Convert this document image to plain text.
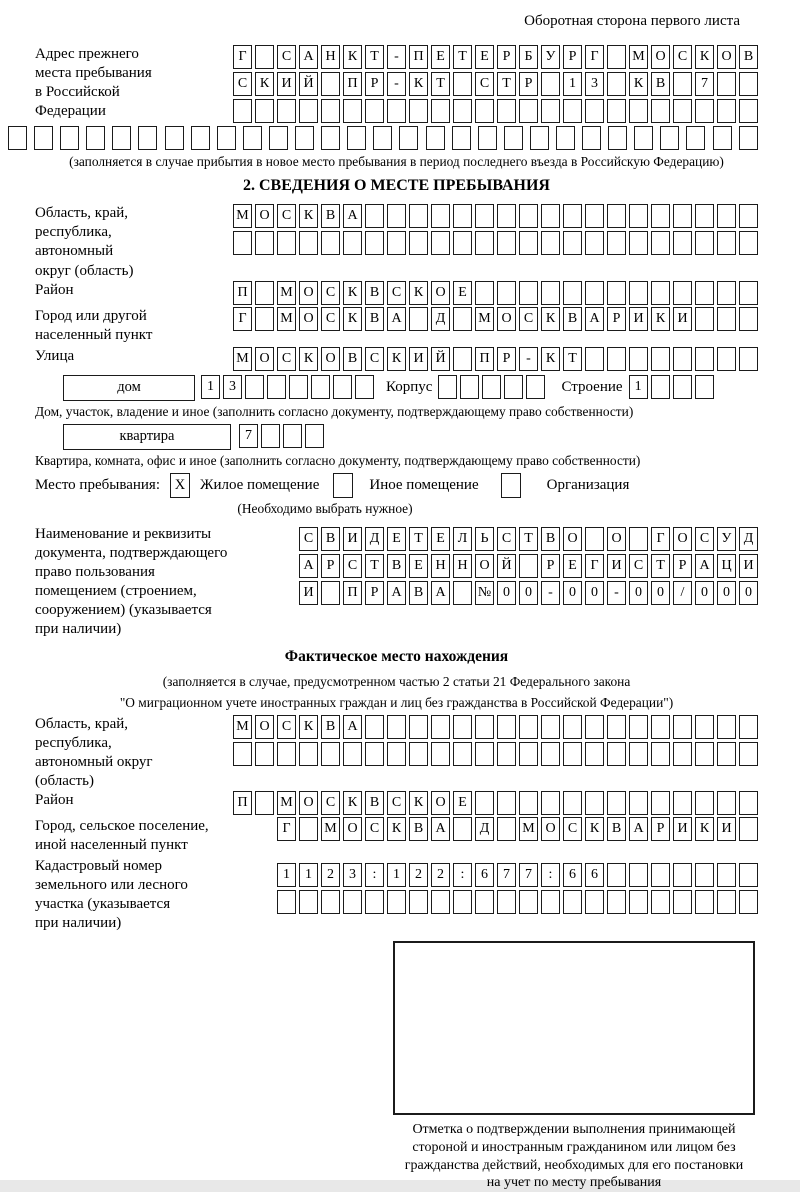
Оборотная сторона первого листа
Адрес прежнего
места пребывания
в Российской
Федерации
Г	С А Н К Т	-	П Е Т Е Р	Б У Р	Г	М О С К О В
С К И Й	П Р	-	К Т	С Т Р	1	3	К В	7
(заполняется в случае прибытия в новое место пребывания в период последнего въезда в Российскую Федерацию)
2. СВЕДЕНИЯ О МЕСТЕ ПРЕБЫВАНИЯ
Область, край,
республика,
автономный
округ (область)
М О С К В А
Район	П	М О С К В С К О Е
Город или другой
населенный пункт
Г	М О С К В А	Д	М О С К В А Р И К И
Улица	М О С К О В С К И Й	П Р	-	К Т
дом	1	3	Корпус	Строение 1
Дом, участок, владение и иное (заполнить согласно документу, подтверждающему право собственности)
квартира	7
Квартира, комната, офис и иное (заполнить согласно документу, подтверждающему право собственности)
Место пребывания:	X Жилое помещение	Иное помещение	Организация
(Необходимо выбрать нужное)
Наименование и реквизиты
документа, подтверждающего
право пользования
помещением (строением,
сооружением) (указывается
при наличии)
С В И Д Е Т Е Л Ь С Т В О	О	Г О С У Д
А Р С Т В Е Н Н О Й	Р Е Г И С Т Р А Ц И
И	П Р А В А	№ 0	0	-	0	0	-	0	0	/	0	0	0
Фактическое место нахождения
(заполняется в случае, предусмотренном частью 2 статьи 21 Федерального закона
"О миграционном учете иностранных граждан и лиц без гражданства в Российской Федерации")
Область, край,
республика,
автономный округ
(область)
М О С К В А
Район	П	М О С К В С К О Е
Город, сельское поселение,
иной населенный пункт
Г	М О С К В А	Д	М О С К В А Р И К И
Кадастровый номер
земельного или лесного
участка (указывается
при наличии)
1	1	2	3	:	1	2	2	:	6	7	7	:	6	6
Отметка о подтверждении выполнения принимающей
стороной и иностранным гражданином или лицом без
гражданства действий, необходимых для его постановки
на учет по месту пребывания
